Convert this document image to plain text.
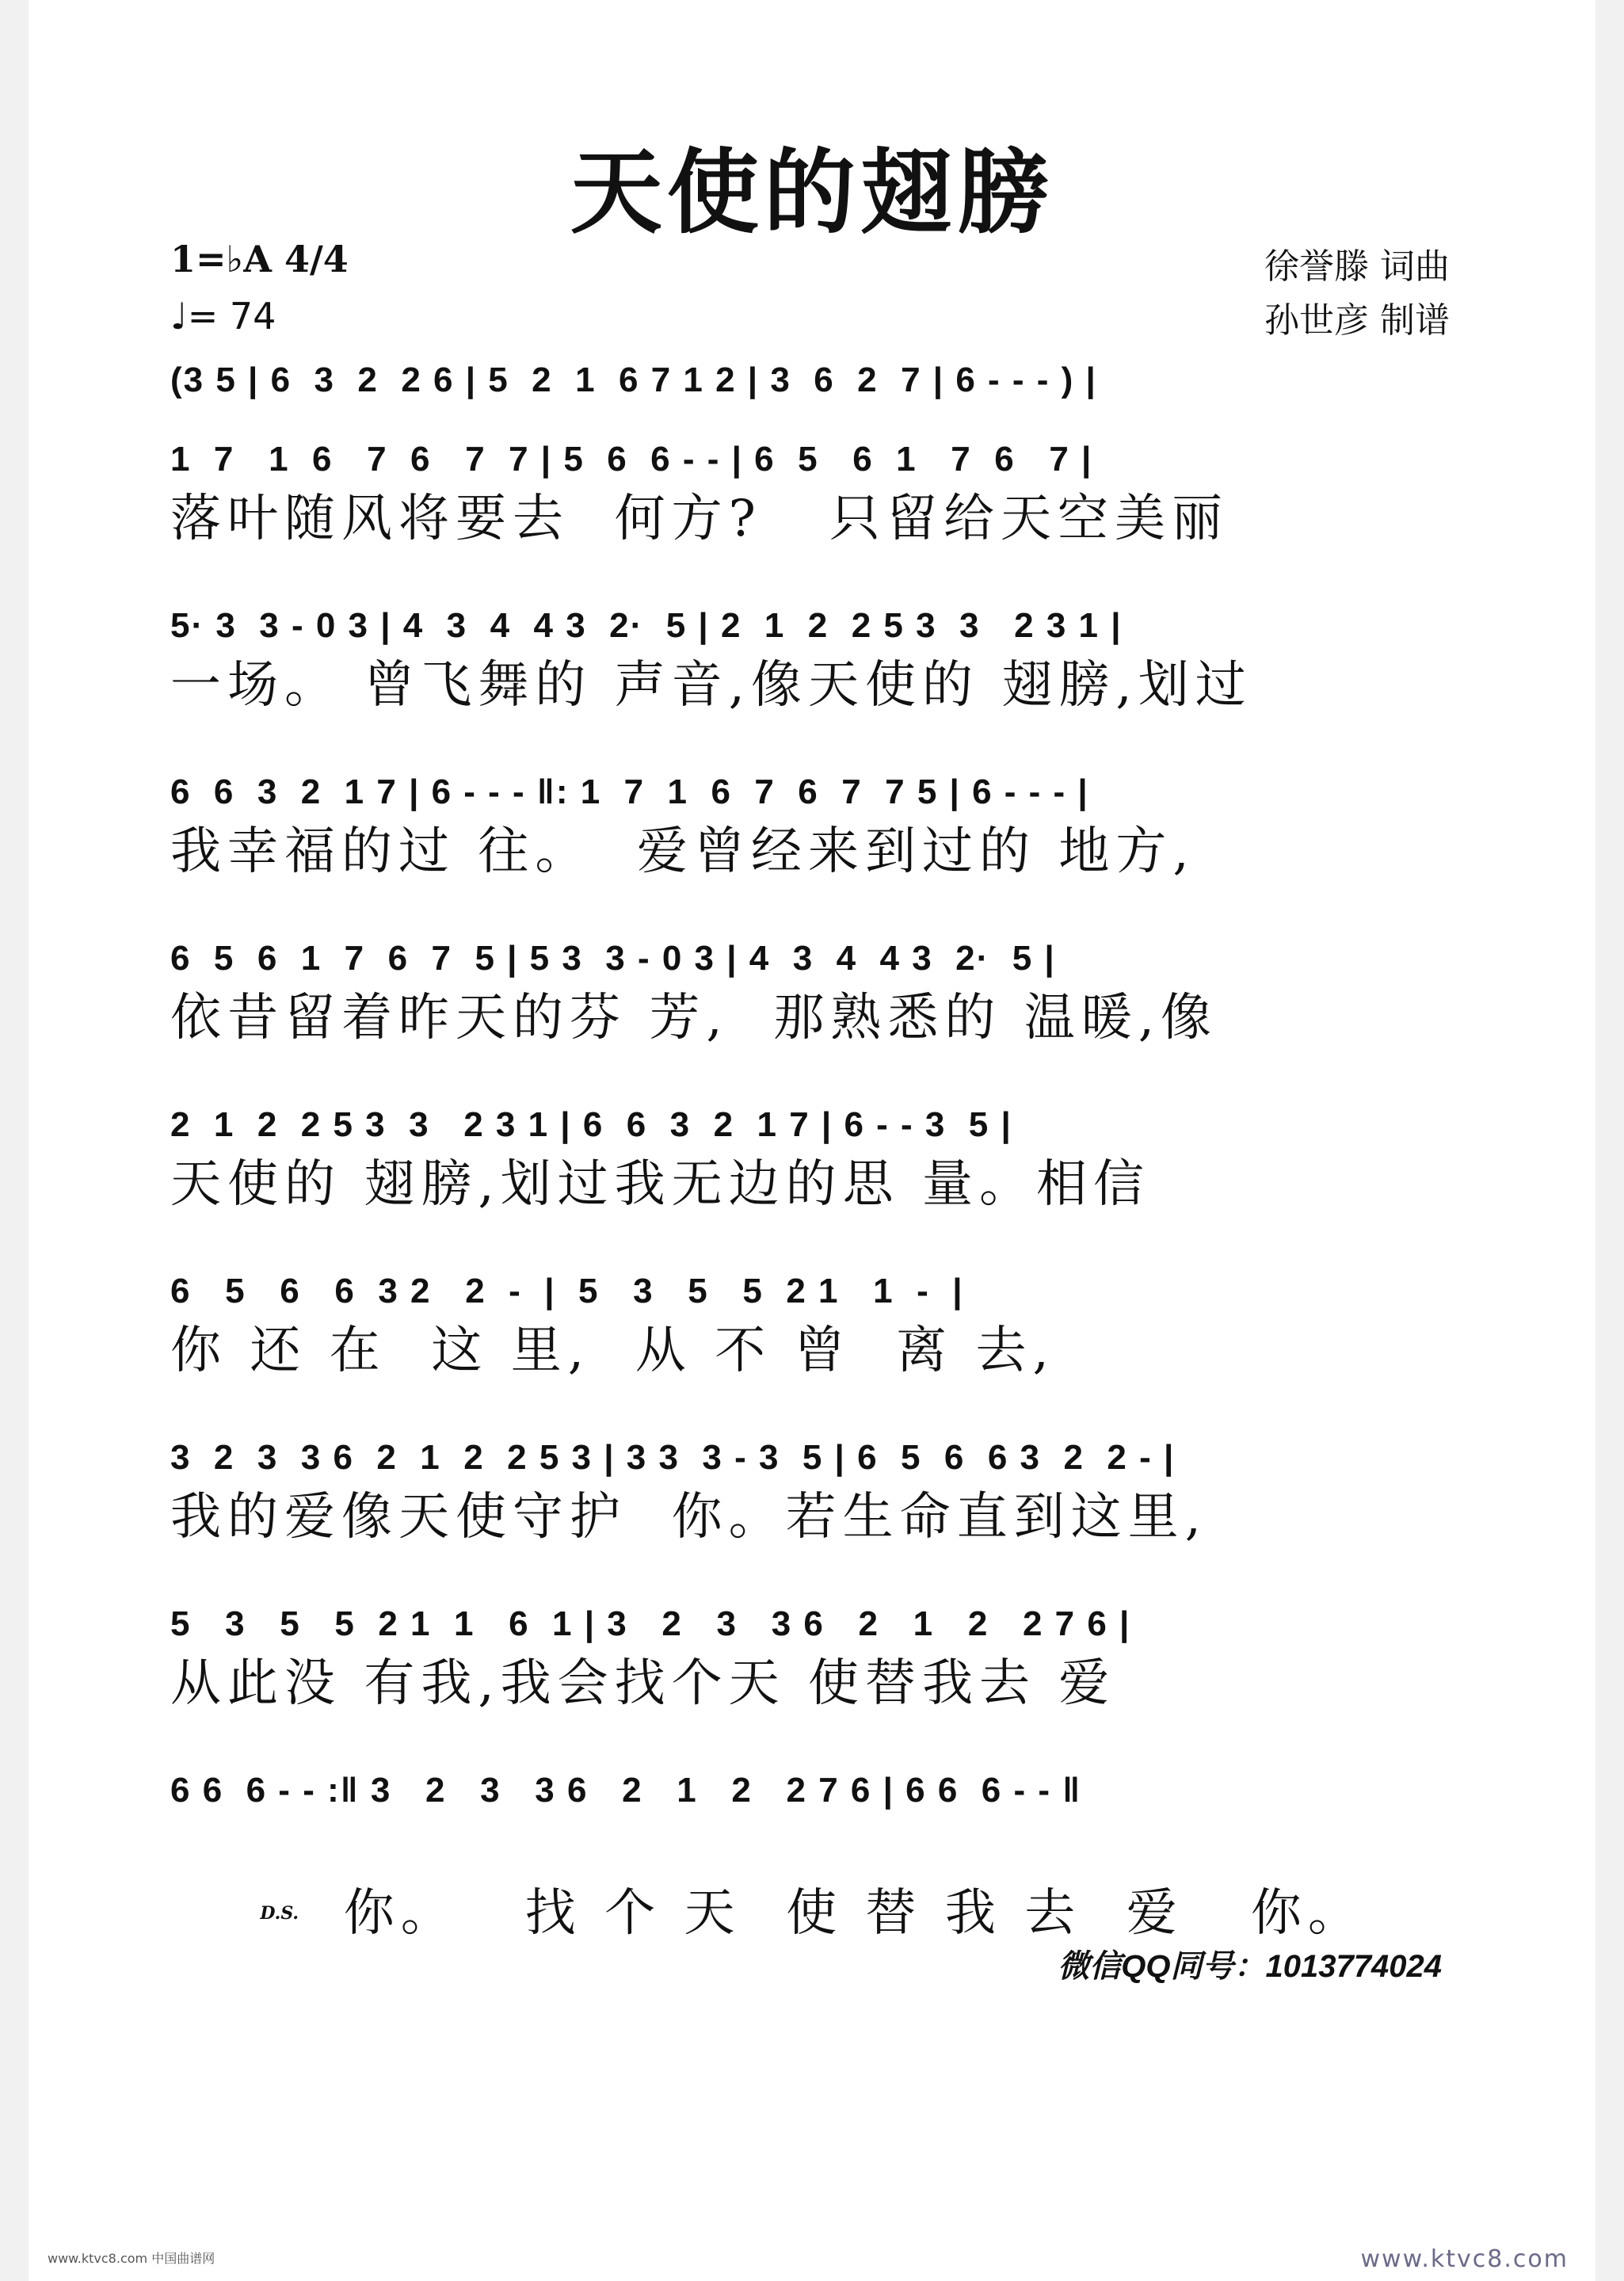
天使的翅膀
1=♭A 4/4
♩= 74
徐誉滕 词曲
孙世彦 制谱
(3 5 | 6  3  2  2 6 | 5  2  1  6 7 1 2 | 3  6  2  7 | 6 - - - ) |
1  7   1  6   7  6   7  7 | 5  6  6 - - | 6  5   6  1   7  6   7 |
落叶随风将要去  何方?   只留给天空美丽
5· 3  3 - 0 3 | 4  3  4  4 3  2·  5 | 2  1  2  2 5 3  3   2 3 1 |
一场。 曾飞舞的 声音,像天使的 翅膀,划过
6  6  3  2  1 7 | 6 - - - ‖: 1  7  1  6  7  6  7  7 5 | 6 - - - |
我幸福的过 往。  爱曾经来到过的 地方,
6  5  6  1  7  6  7  5 | 5 3  3 - 0 3 | 4  3  4  4 3  2·  5 |
依昔留着昨天的芬 芳,  那熟悉的 温暖,像
2  1  2  2 5 3  3   2 3 1 | 6  6  3  2  1 7 | 6 - - 3  5 |
天使的 翅膀,划过我无边的思 量。相信
6   5   6   6  3 2   2  -  |  5   3   5   5  2 1   1  -  |
你 还 在  这 里,  从 不 曾  离 去,
3  2  3  3 6  2  1  2  2 5 3 | 3 3  3 - 3  5 | 6  5  6  6 3  2  2 - |
我的爱像天使守护  你。若生命直到这里,
5   3   5   5  2 1  1   6  1 | 3   2   3   3 6   2   1   2   2 7 6 |
从此没 有我,我会找个天 使替我去 爱
6 6  6 - - :‖ 3   2   3   3 6   2   1   2   2 7 6 | 6 6  6 - - ‖

$^{D.S.}$  你。   找 个 天  使 替 我 去  爱   你。

微信QQ同号：1013774024
www.ktvc8.com 中国曲谱网	www.ktvc8.com
